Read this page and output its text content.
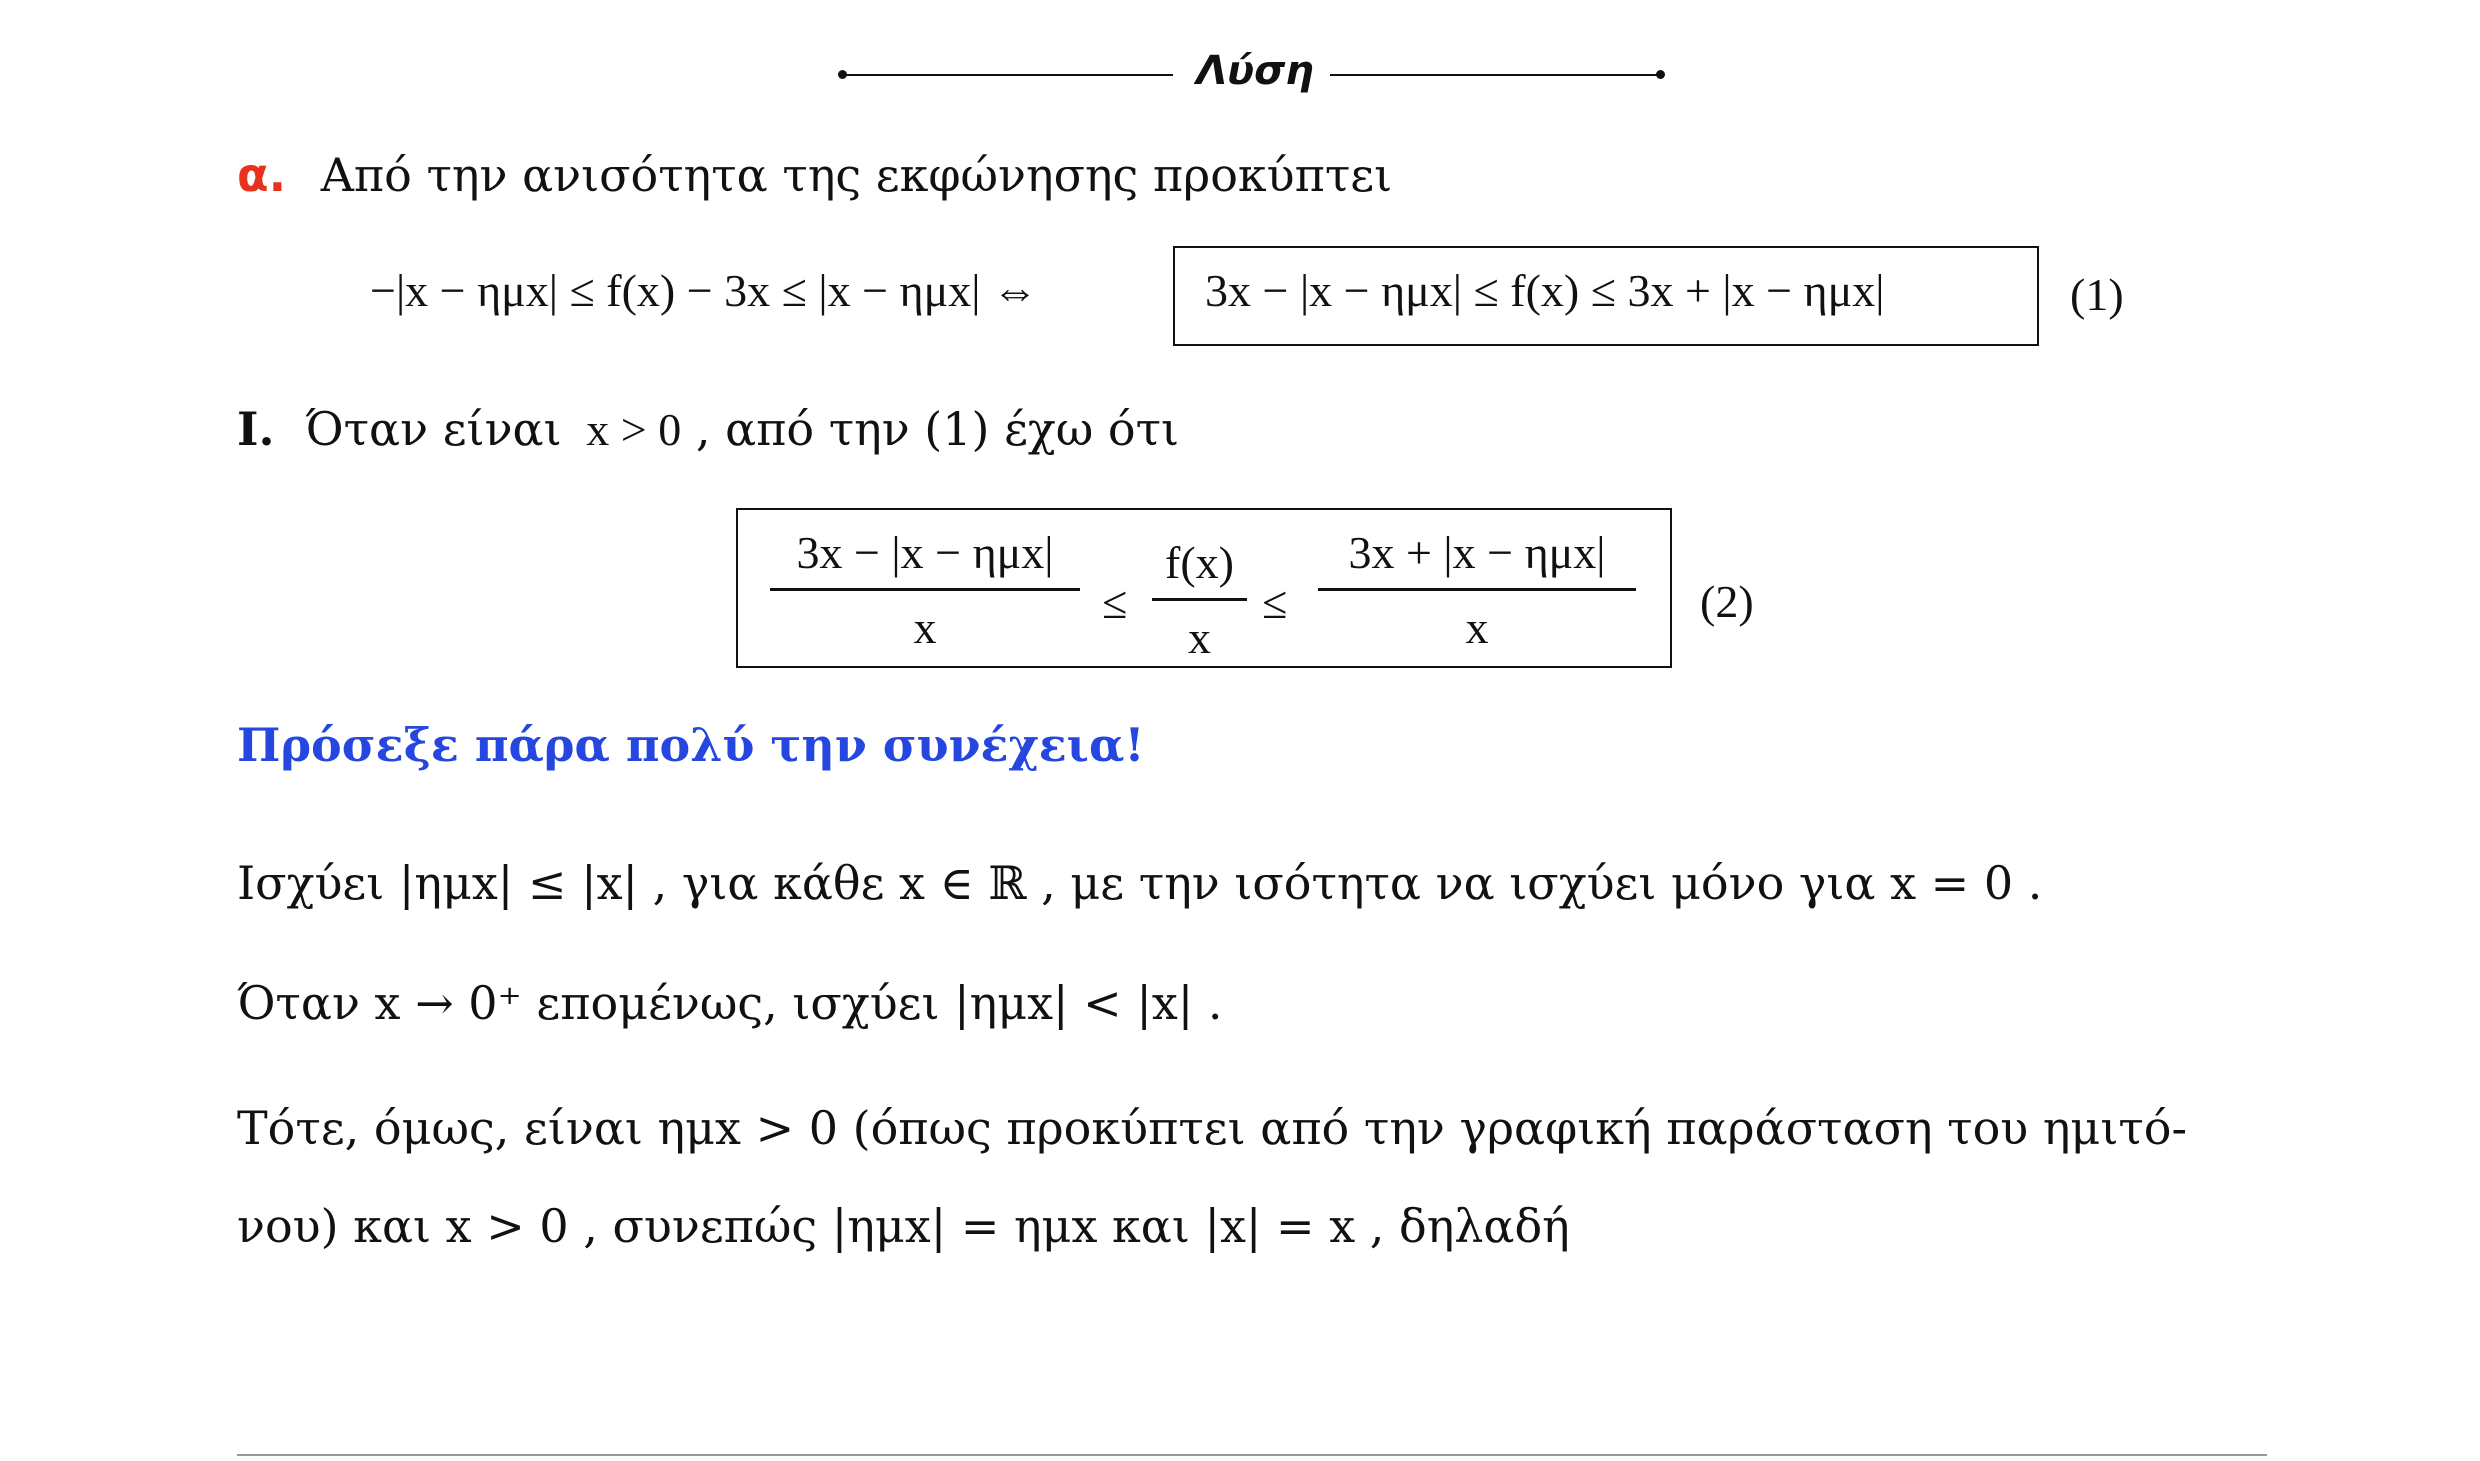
Λύση
α. Από την ανισότητα της εκφώνησης προκύπτει
−|x − ημx| ≤ f(x) − 3x ≤ |x − ημx| ⇔	3x − |x − ημx| ≤ f(x) ≤ 3x + |x − ημx|	(1)
Ι. Όταν είναι x > 0 , από την (1) έχω ότι
3x − |x − ημx|
x	≤ $\frac{f(x)}{x}$ ≤
3x + |x − ημx|
x
(2)
Πρόσεξε πάρα πολύ την συνέχεια!
Ισχύει |ημx| ≤ |x| , για κάθε x ∈ ℝ , με την ισότητα να ισχύει μόνο για x = 0 .
Όταν x → 0⁺ επομένως, ισχύει |ημx| < |x| .
Τότε, όμως, είναι ημx > 0 (όπως προκύπτει από την γραφική παράσταση του ημιτό-
νου) και x > 0 , συνεπώς |ημx| = ημx και |x| = x , δηλαδή
